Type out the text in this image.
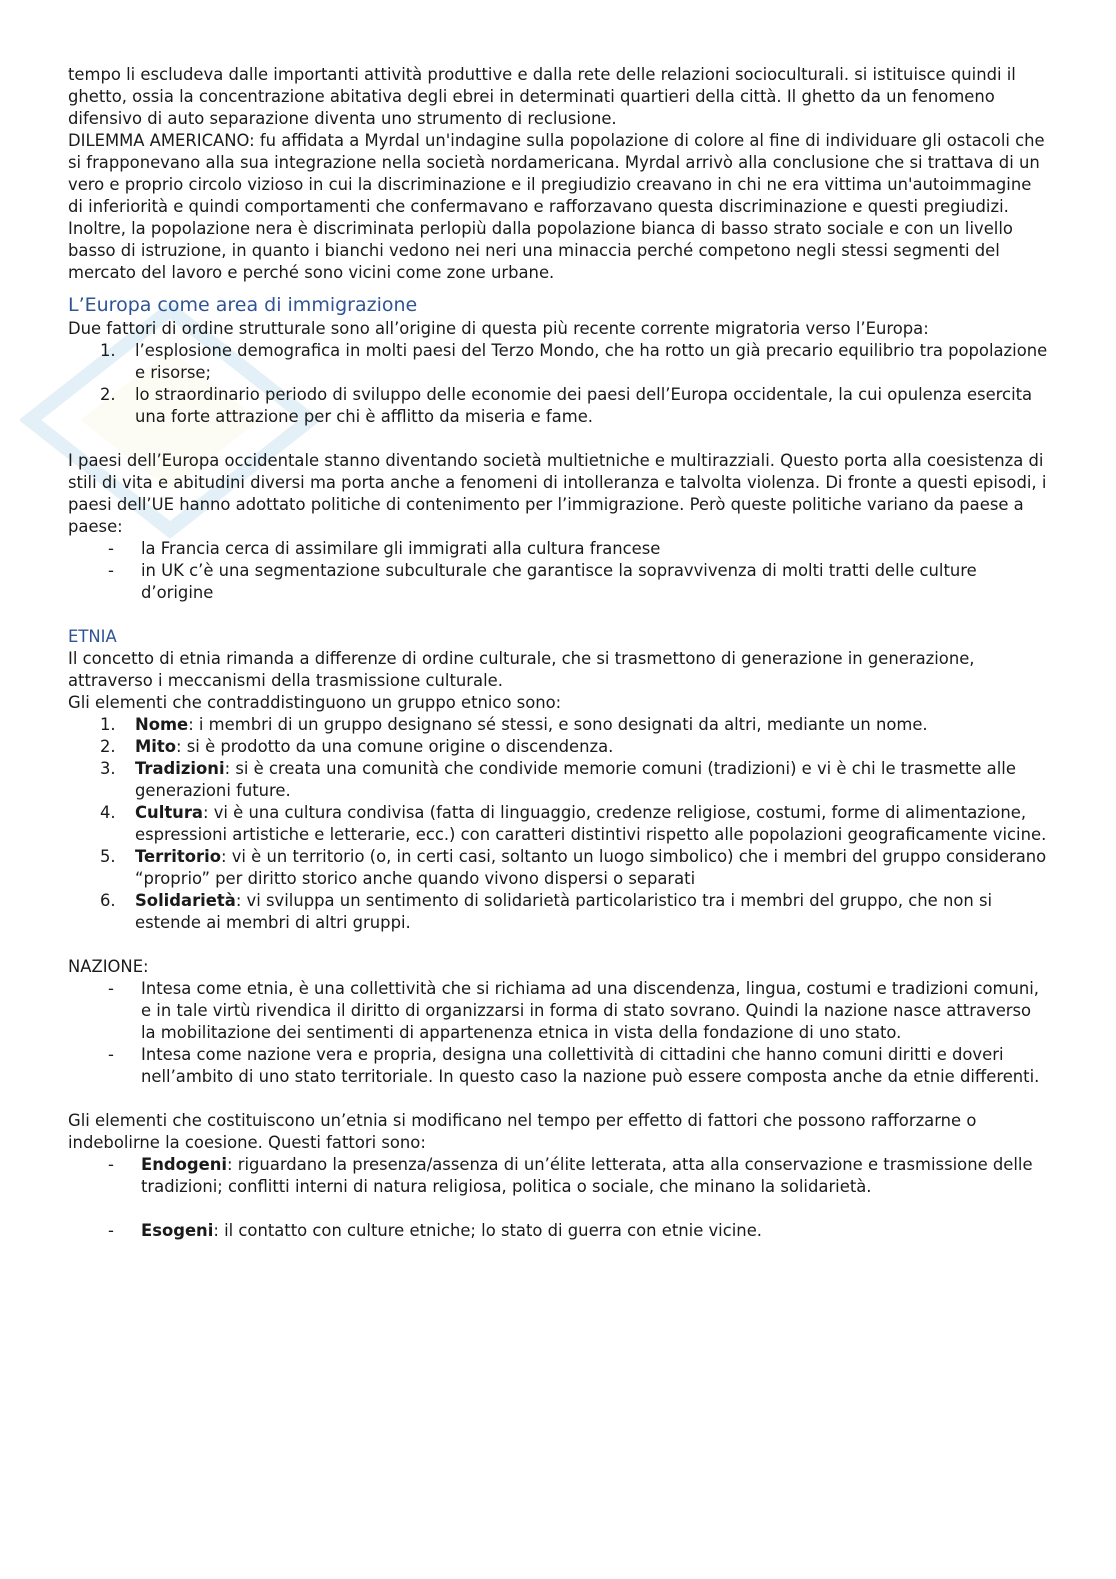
tempo li escludeva dalle importanti attività produttive e dalla rete delle relazioni socioculturali. si istituisce quindi il ghetto, ossia la concentrazione abitativa degli ebrei in determinati quartieri della città. Il ghetto da un fenomeno difensivo di auto separazione diventa uno strumento di reclusione.

DILEMMA AMERICANO: fu affidata a Myrdal un'indagine sulla popolazione di colore al fine di individuare gli ostacoli che si frapponevano alla sua integrazione nella società nordamericana. Myrdal arrivò alla conclusione che si trattava di un vero e proprio circolo vizioso in cui la discriminazione e il pregiudizio creavano in chi ne era vittima un'autoimmagine di inferiorità e quindi comportamenti che confermavano e rafforzavano questa discriminazione e questi pregiudizi.

Inoltre, la popolazione nera è discriminata perlopiù dalla popolazione bianca di basso strato sociale e con un livello basso di istruzione, in quanto i bianchi vedono nei neri una minaccia perché competono negli stessi segmenti del mercato del lavoro e perché sono vicini come zone urbane.

L’Europa come area di immigrazione

Due fattori di ordine strutturale sono all’origine di questa più recente corrente migratoria verso l’Europa:

1.	l’esplosione demografica in molti paesi del Terzo Mondo, che ha rotto un già precario equilibrio tra popolazione e risorse;
2.	lo straordinario periodo di sviluppo delle economie dei paesi dell’Europa occidentale, la cui opulenza esercita una forte attrazione per chi è afflitto da miseria e fame.

I paesi dell’Europa occidentale stanno diventando società multietniche e multirazziali. Questo porta alla coesistenza di stili di vita e abitudini diversi ma porta anche a fenomeni di intolleranza e talvolta violenza. Di fronte a questi episodi, i paesi dell’UE hanno adottato politiche di contenimento per l’immigrazione. Però queste politiche variano da paese a paese:

- la Francia cerca di assimilare gli immigrati alla cultura francese
- in UK c’è una segmentazione subculturale che garantisce la sopravvivenza di molti tratti delle culture d’origine
ETNIA

Il concetto di etnia rimanda a differenze di ordine culturale, che si trasmettono di generazione in generazione, attraverso i meccanismi della trasmissione culturale.

Gli elementi che contraddistinguono un gruppo etnico sono:

1.	Nome: i membri di un gruppo designano sé stessi, e sono designati da altri, mediante un nome.
2.	Mito: si è prodotto da una comune origine o discendenza.
3.	Tradizioni: si è creata una comunità che condivide memorie comuni (tradizioni) e vi è chi le trasmette alle generazioni future.
4.	Cultura: vi è una cultura condivisa (fatta di linguaggio, credenze religiose, costumi, forme di alimentazione, espressioni artistiche e letterarie, ecc.) con caratteri distintivi rispetto alle popolazioni geograficamente vicine.
5.	Territorio: vi è un territorio (o, in certi casi, soltanto un luogo simbolico) che i membri del gruppo considerano “proprio” per diritto storico anche quando vivono dispersi o separati
6.	Solidarietà: vi sviluppa un sentimento di solidarietà particolaristico tra i membri del gruppo, che non si estende ai membri di altri gruppi.

NAZIONE:

- Intesa come etnia, è una collettività che si richiama ad una discendenza, lingua, costumi e tradizioni comuni, e in tale virtù rivendica il diritto di organizzarsi in forma di stato sovrano. Quindi la nazione nasce attraverso la mobilitazione dei sentimenti di appartenenza etnica in vista della fondazione di uno stato.
- Intesa come nazione vera e propria, designa una collettività di cittadini che hanno comuni diritti e doveri nell’ambito di uno stato territoriale. In questo caso la nazione può essere composta anche da etnie differenti.

Gli elementi che costituiscono un’etnia si modificano nel tempo per effetto di fattori che possono rafforzarne o indebolirne la coesione. Questi fattori sono:

- Endogeni: riguardano la presenza/assenza di un’élite letterata, atta alla conservazione e trasmissione delle tradizioni; conflitti interni di natura religiosa, politica o sociale, che minano la solidarietà.
- Esogeni: il contatto con culture etniche; lo stato di guerra con etnie vicine.
